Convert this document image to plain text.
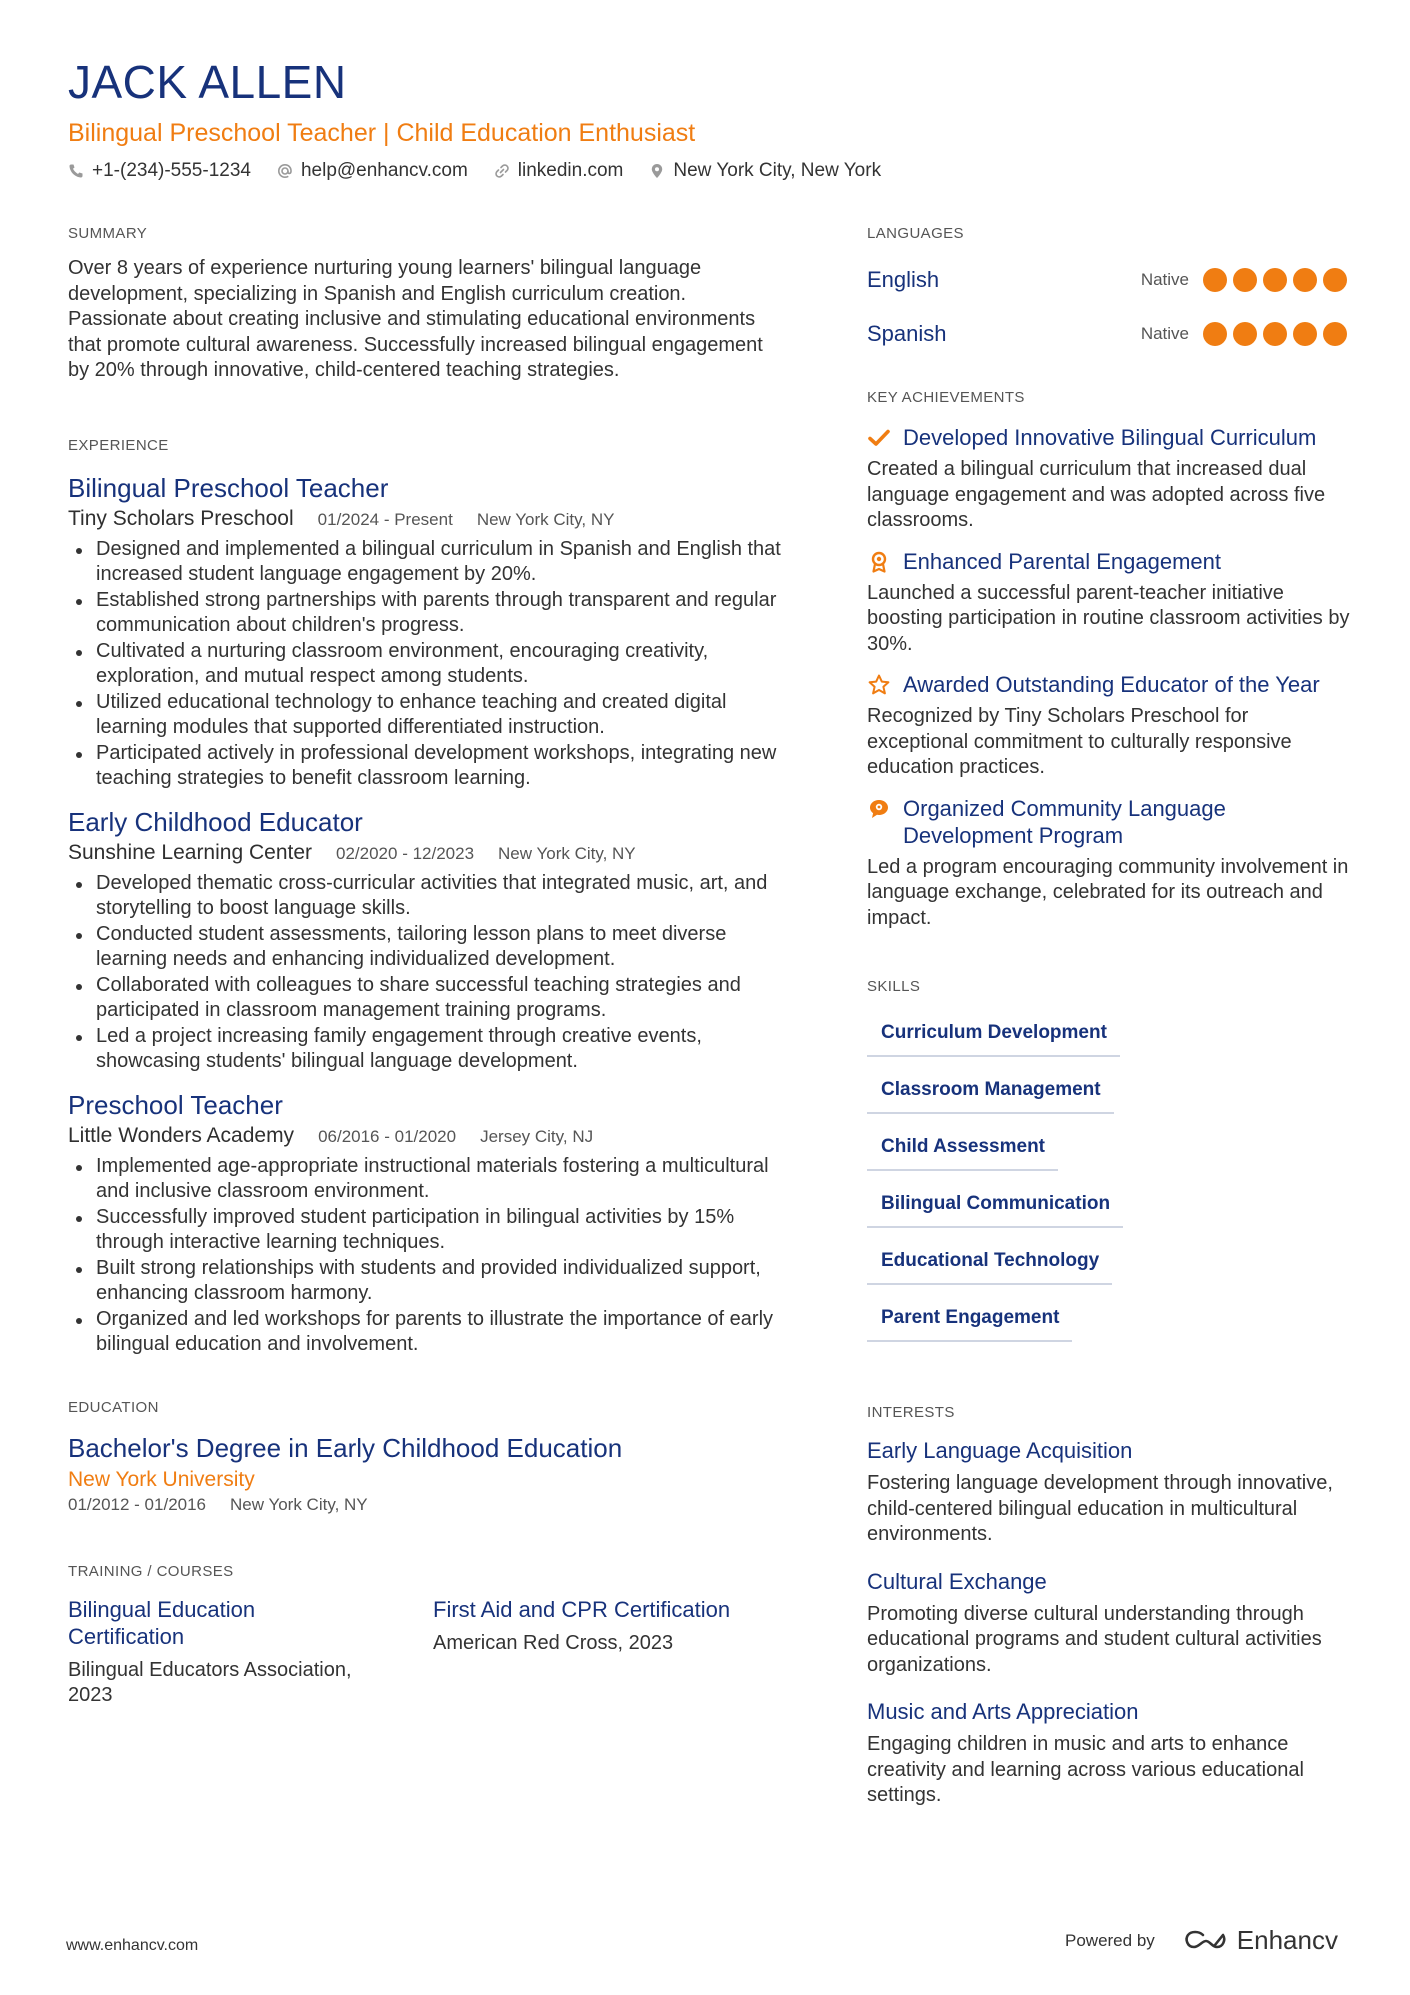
JACK ALLEN
Bilingual Preschool Teacher | Child Education Enthusiast
+1-(234)-555-1234	help@enhancv.com	linkedin.com	New York City, New York
SUMMARY
Over 8 years of experience nurturing young learners' bilingual language development, specializing in Spanish and English curriculum creation. Passionate about creating inclusive and stimulating educational environments that promote cultural awareness. Successfully increased bilingual engagement by 20% through innovative, child-centered teaching strategies.
EXPERIENCE
Bilingual Preschool Teacher
Tiny Scholars Preschool 01/2024 - Present New York City, NY
Designed and implemented a bilingual curriculum in Spanish and English that increased student language engagement by 20%.
Established strong partnerships with parents through transparent and regular communication about children's progress.
Cultivated a nurturing classroom environment, encouraging creativity, exploration, and mutual respect among students.
Utilized educational technology to enhance teaching and created digital learning modules that supported differentiated instruction.
Participated actively in professional development workshops, integrating new teaching strategies to benefit classroom learning.
Early Childhood Educator
Sunshine Learning Center 02/2020 - 12/2023 New York City, NY
Developed thematic cross-curricular activities that integrated music, art, and storytelling to boost language skills.
Conducted student assessments, tailoring lesson plans to meet diverse learning needs and enhancing individualized development.
Collaborated with colleagues to share successful teaching strategies and participated in classroom management training programs.
Led a project increasing family engagement through creative events, showcasing students' bilingual language development.
Preschool Teacher
Little Wonders Academy 06/2016 - 01/2020 Jersey City, NJ
Implemented age-appropriate instructional materials fostering a multicultural and inclusive classroom environment.
Successfully improved student participation in bilingual activities by 15% through interactive learning techniques.
Built strong relationships with students and provided individualized support, enhancing classroom harmony.
Organized and led workshops for parents to illustrate the importance of early bilingual education and involvement.
EDUCATION
Bachelor's Degree in Early Childhood Education
New York University
01/2012 - 01/2016 New York City, NY
TRAINING / COURSES
Bilingual Education Certification
Bilingual Educators Association, 2023
First Aid and CPR Certification
American Red Cross, 2023
LANGUAGES
English	Native
Spanish	Native
KEY ACHIEVEMENTS
Developed Innovative Bilingual Curriculum
Created a bilingual curriculum that increased dual language engagement and was adopted across five classrooms.
Enhanced Parental Engagement
Launched a successful parent-teacher initiative boosting participation in routine classroom activities by 30%.
Awarded Outstanding Educator of the Year
Recognized by Tiny Scholars Preschool for exceptional commitment to culturally responsive education practices.
Organized Community Language Development Program
Led a program encouraging community involvement in language exchange, celebrated for its outreach and impact.
SKILLS
Curriculum Development
Classroom Management
Child Assessment
Bilingual Communication
Educational Technology
Parent Engagement
INTERESTS
Early Language Acquisition
Fostering language development through innovative, child-centered bilingual education in multicultural environments.
Cultural Exchange
Promoting diverse cultural understanding through educational programs and student cultural activities organizations.
Music and Arts Appreciation
Engaging children in music and arts to enhance creativity and learning across various educational settings.
www.enhancv.com	Powered by	Enhancv
